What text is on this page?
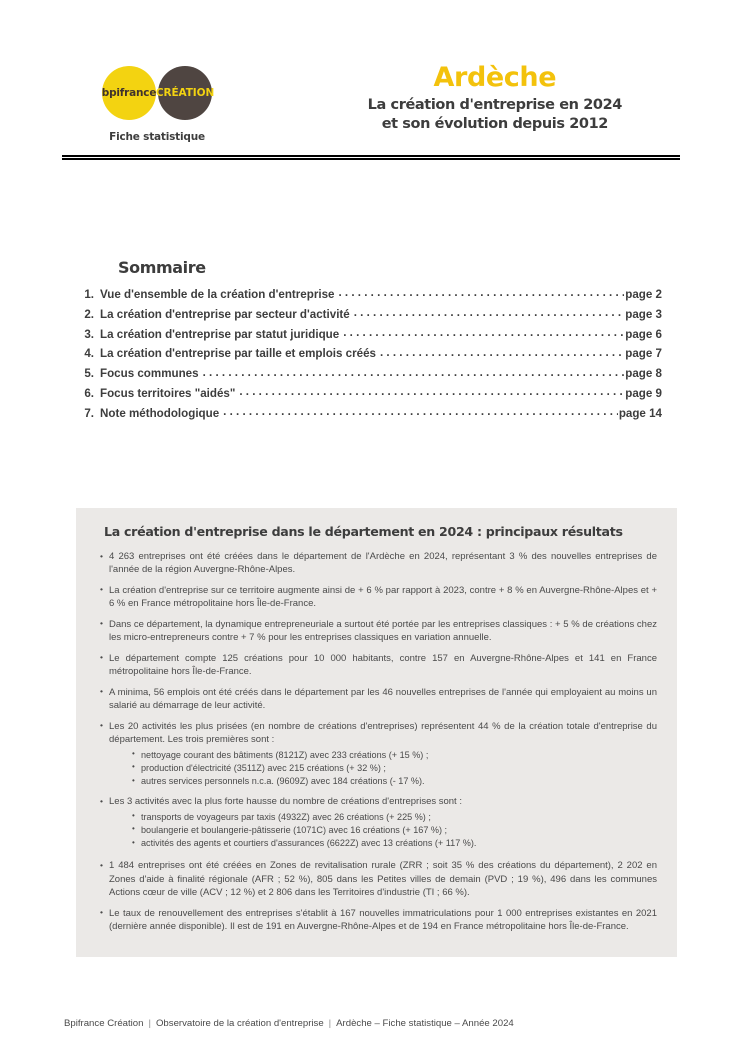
bpifrance CRÉATION
Fiche statistique
Ardèche
La création d'entreprise en 2024
et son évolution depuis 2012
Sommaire
1. Vue d'ensemble de la création d'entreprise . . .	page 2
2. La création d'entreprise par secteur d'activité . . .	page 3
3. La création d'entreprise par statut juridique . . .	page 6
4. La création d'entreprise par taille et emplois créés . . .	page 7
5. Focus communes . . .	page 8
6. Focus territoires "aidés" . . .	page 9
7. Note méthodologique . . .	page 14
La création d'entreprise dans le département en 2024 : principaux résultats
• 4 263 entreprises ont été créées dans le département de l'Ardèche en 2024, représentant 3 % des nouvelles entreprises de l'année de la région Auvergne-Rhône-Alpes.
• La création d'entreprise sur ce territoire augmente ainsi de + 6 % par rapport à 2023, contre + 8 % en Auvergne-Rhône-Alpes et + 6 % en France métropolitaine hors Île-de-France.
• Dans ce département, la dynamique entrepreneuriale a surtout été portée par les entreprises classiques : + 5 % de créations chez les micro-entrepreneurs contre + 7 % pour les entreprises classiques en variation annuelle.
• Le département compte 125 créations pour 10 000 habitants, contre 157 en Auvergne-Rhône-Alpes et 141 en France métropolitaine hors Île-de-France.
• A minima, 56 emplois ont été créés dans le département par les 46 nouvelles entreprises de l'année qui employaient au moins un salarié au démarrage de leur activité.
• Les 20 activités les plus prisées (en nombre de créations d'entreprises) représentent 44 % de la création totale d'entreprise du département. Les trois premières sont :
• nettoyage courant des bâtiments (8121Z) avec 233 créations (+ 15 %) ;
• production d'électricité (3511Z) avec 215 créations (+ 32 %) ;
• autres services personnels n.c.a. (9609Z) avec 184 créations (- 17 %).
• Les 3 activités avec la plus forte hausse du nombre de créations d'entreprises sont :
• transports de voyageurs par taxis (4932Z) avec 26 créations (+ 225 %) ;
• boulangerie et boulangerie-pâtisserie (1071C) avec 16 créations (+ 167 %) ;
• activités des agents et courtiers d'assurances (6622Z) avec 13 créations (+ 117 %).
• 1 484 entreprises ont été créées en Zones de revitalisation rurale (ZRR ; soit 35 % des créations du département), 2 202 en Zones d'aide à finalité régionale (AFR ; 52 %), 805 dans les Petites villes de demain (PVD ; 19 %), 496 dans les communes Actions cœur de ville (ACV ; 12 %) et 2 806 dans les Territoires d'industrie (TI ; 66 %).
• Le taux de renouvellement des entreprises s'établit à 167 nouvelles immatriculations pour 1 000 entreprises existantes en 2021 (dernière année disponible). Il est de 191 en Auvergne-Rhône-Alpes et de 194 en France métropolitaine hors Île-de-France.
Bpifrance Création | Observatoire de la création d'entreprise | Ardèche – Fiche statistique – Année 2024
